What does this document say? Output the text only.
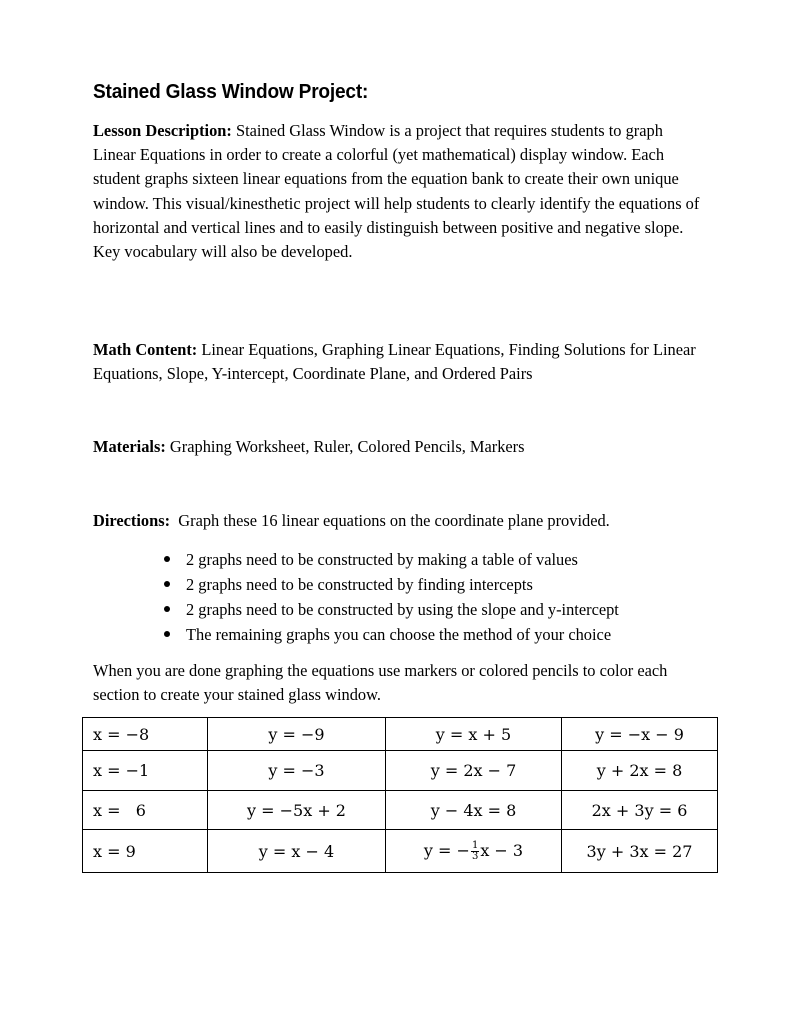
Stained Glass Window Project:

Lesson Description: Stained Glass Window is a project that requires students to graph Linear Equations in order to create a colorful (yet mathematical) display window. Each student graphs sixteen linear equations from the equation bank to create their own unique window. This visual/kinesthetic project will help students to clearly identify the equations of horizontal and vertical lines and to easily distinguish between positive and negative slope. Key vocabulary will also be developed.

Math Content: Linear Equations, Graphing Linear Equations, Finding Solutions for Linear Equations, Slope, Y-intercept, Coordinate Plane, and Ordered Pairs

Materials: Graphing Worksheet, Ruler, Colored Pencils, Markers

Directions:  Graph these 16 linear equations on the coordinate plane provided.

2 graphs need to be constructed by making a table of values
2 graphs need to be constructed by finding intercepts
2 graphs need to be constructed by using the slope and y-intercept
The remaining graphs you can choose the method of your choice

When you are done graphing the equations use markers or colored pencils to color each section to create your stained glass window.

x = −8	y = −9	y = x + 5	y = −x − 9
x = −1	y = −3	y = 2x − 7	y + 2x = 8
x =   6	y = −5x + 2	y − 4x = 8	2x + 3y = 6
x = 9	y = x − 4	y = − $\frac{1}{3}$ x − 3	3y + 3x = 27
